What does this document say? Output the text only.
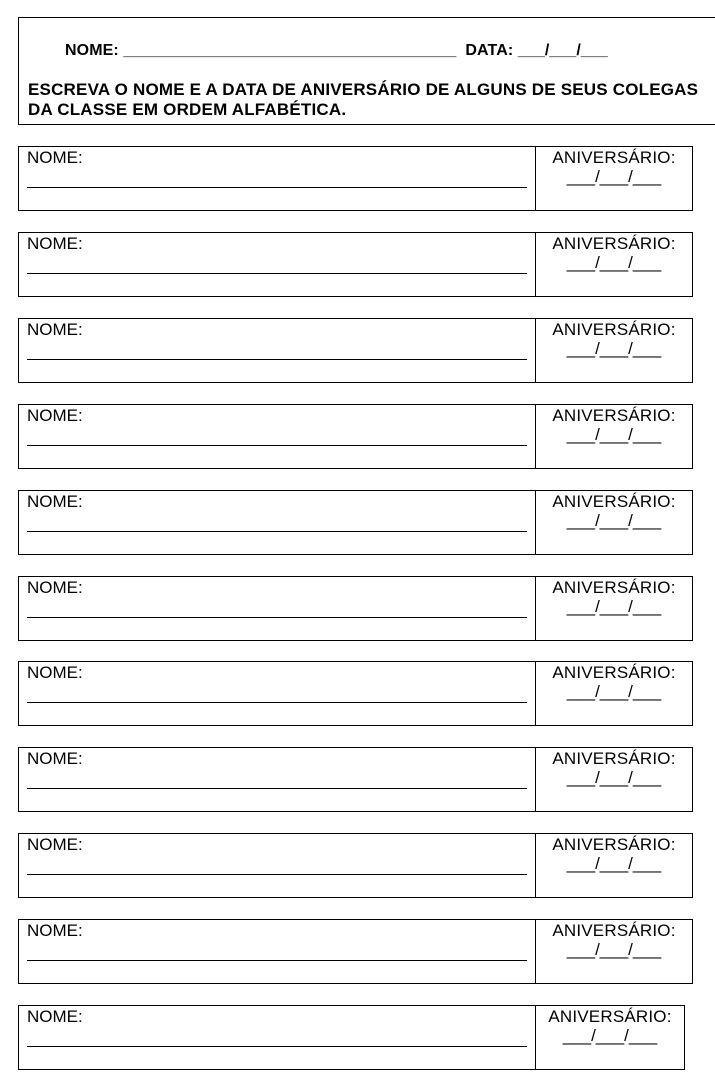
NOME: _____________________________________  DATA: ___/___/___
ESCREVA O NOME E A DATA DE ANIVERSÁRIO DE ALGUNS DE SEUS COLEGAS DA CLASSE EM ORDEM ALFABÉTICA.
NOME:	ANIVERSÁRIO:
___/___/___
NOME:	ANIVERSÁRIO:
___/___/___
NOME:	ANIVERSÁRIO:
___/___/___
NOME:	ANIVERSÁRIO:
___/___/___
NOME:	ANIVERSÁRIO:
___/___/___
NOME:	ANIVERSÁRIO:
___/___/___
NOME:	ANIVERSÁRIO:
___/___/___
NOME:	ANIVERSÁRIO:
___/___/___
NOME:	ANIVERSÁRIO:
___/___/___
NOME:	ANIVERSÁRIO:
___/___/___
NOME:	ANIVERSÁRIO:
___/___/___
